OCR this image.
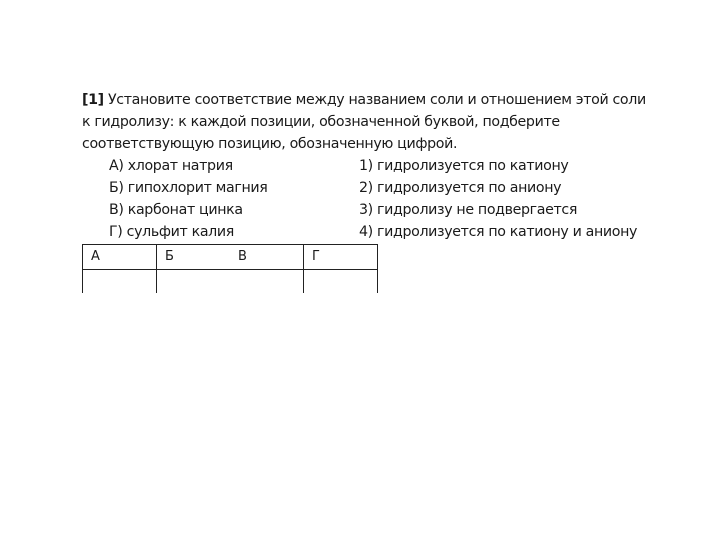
[1] Установите соответствие между названием соли и отношением этой соли

к гидролизу: к каждой позиции, обозначенной буквой, подберите

соответствующую позицию, обозначенную цифрой.

А) хлорат натрия	1) гидролизуется по катиону
Б) гипохлорит магния	2) гидролизуется по аниону
В) карбонат цинка	3) гидролизу не подвергается
Г) сульфит калия	4) гидролизуется по катиону и аниону
А	Б	В	Г
